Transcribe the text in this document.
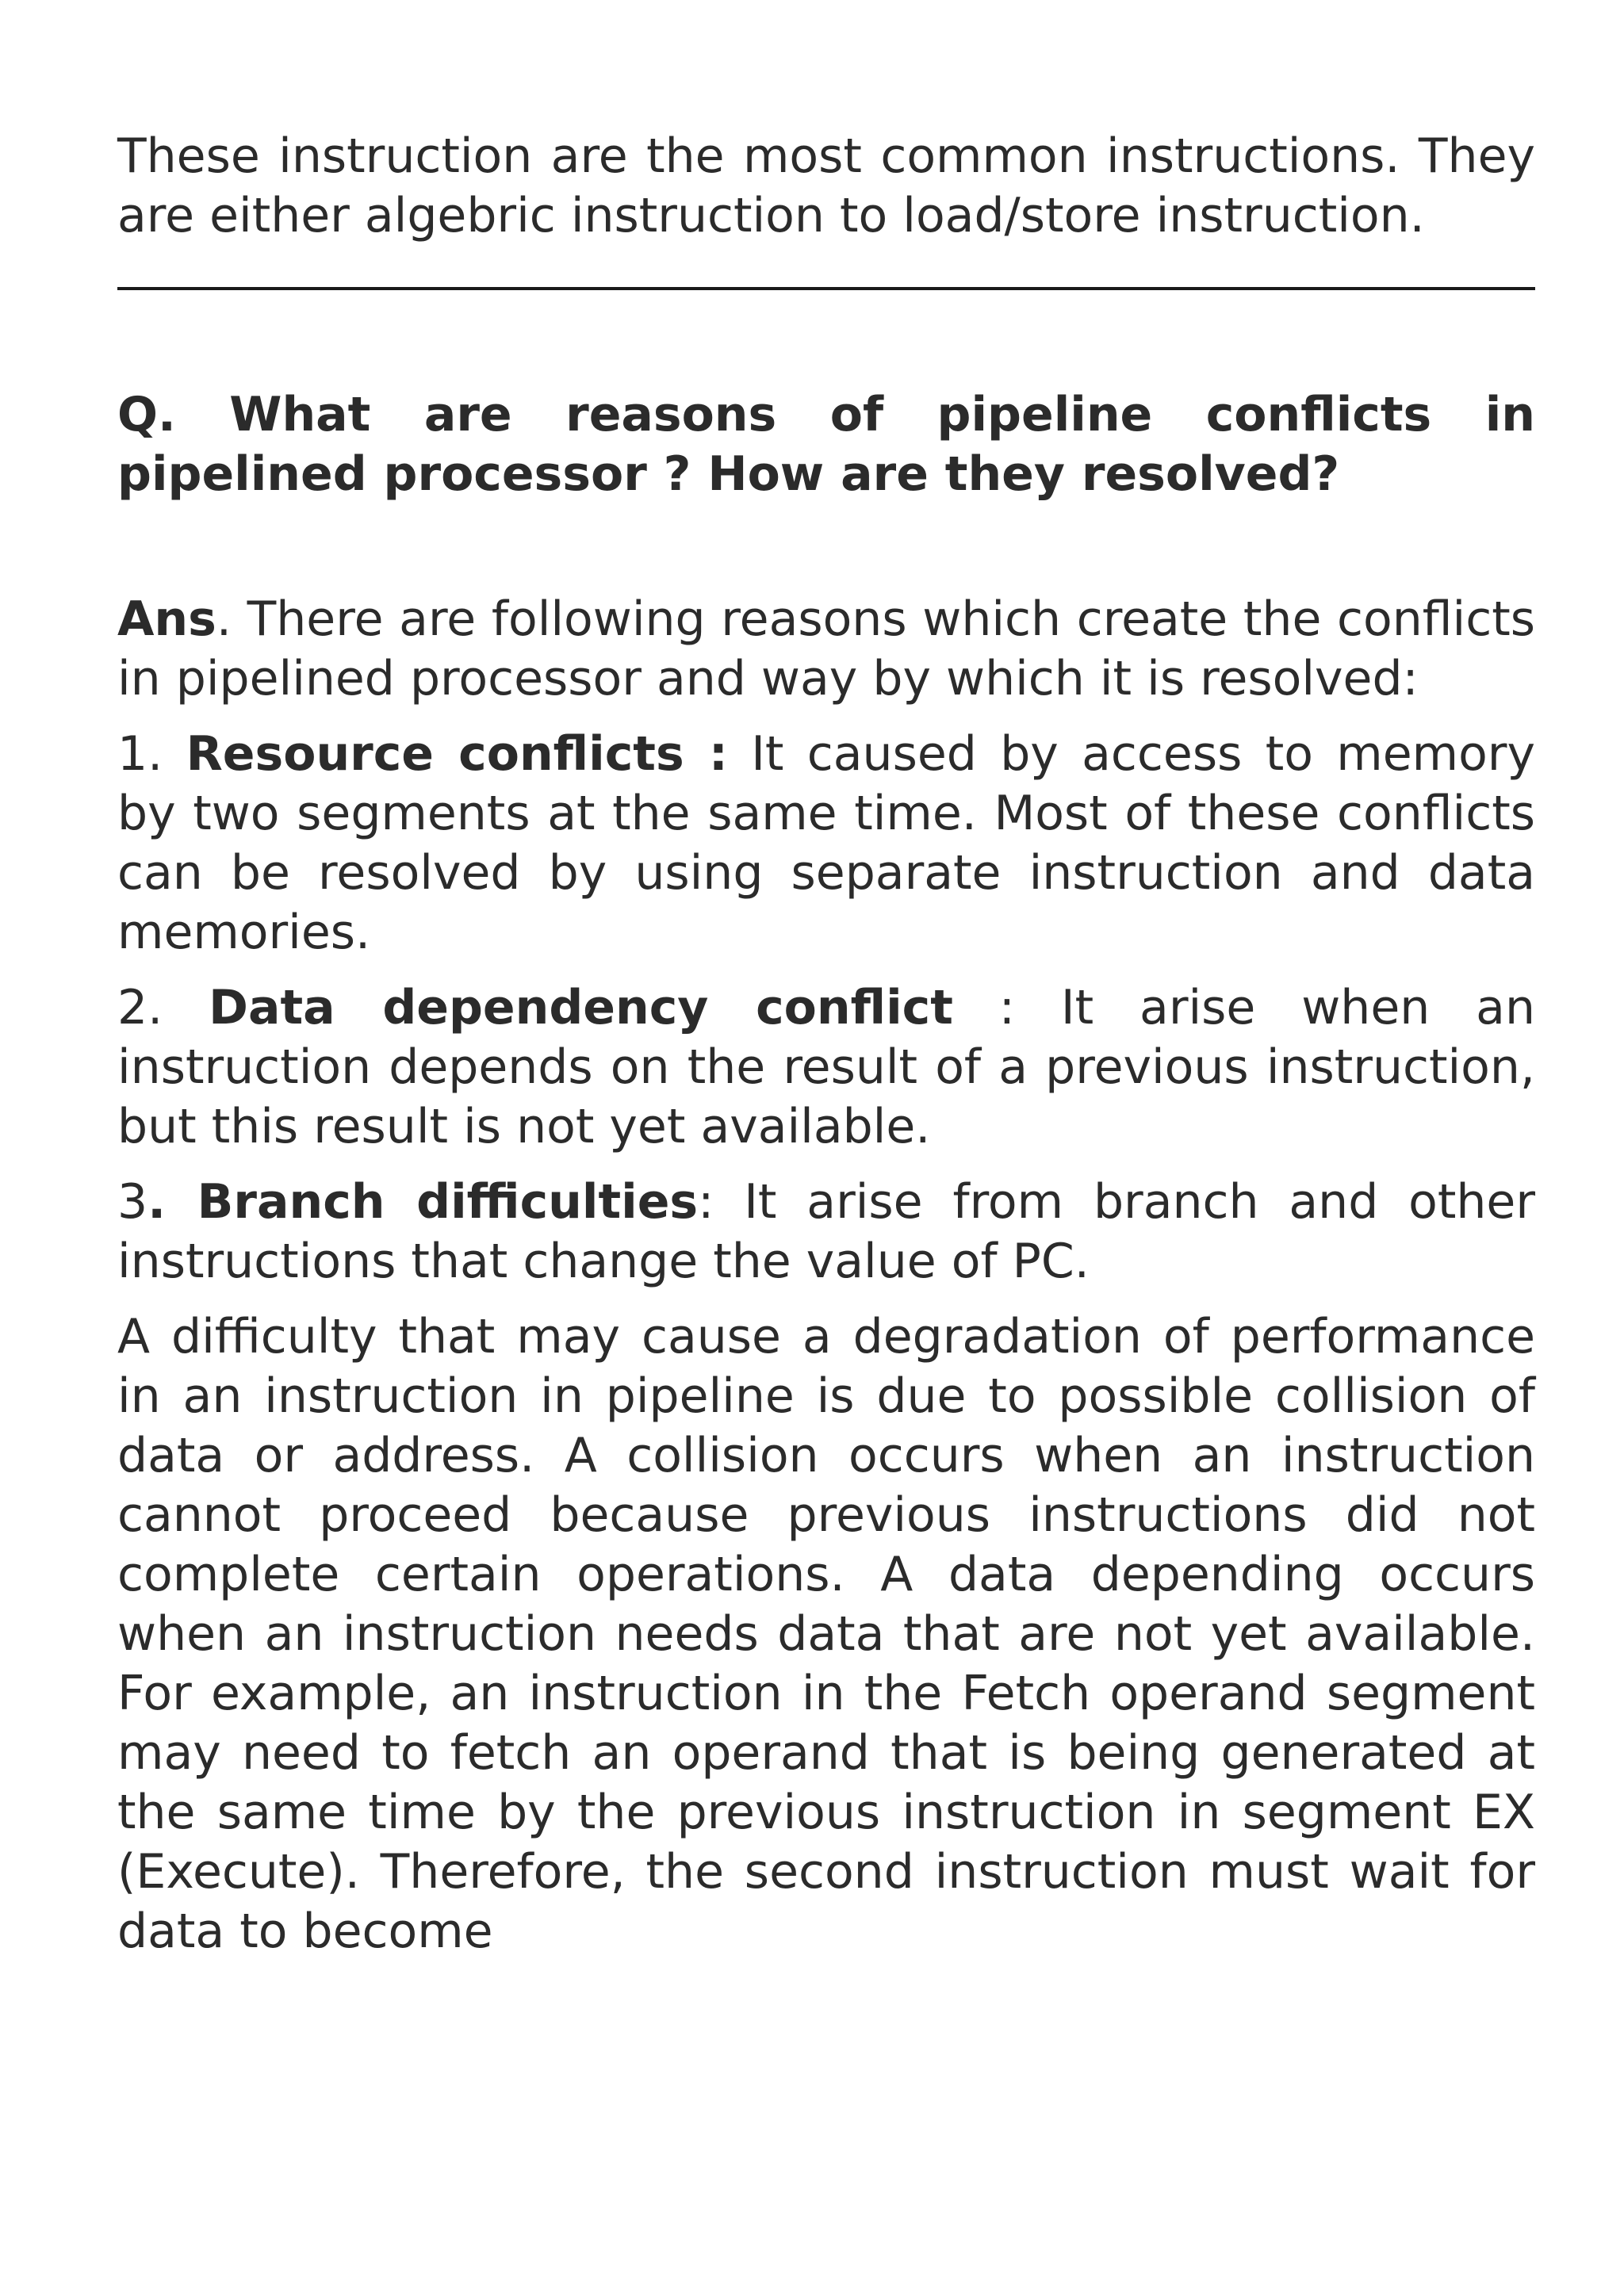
These instruction are the most common instructions. They are either algebric instruction to load/store instruction.

Q. What are reasons of pipeline conflicts in pipelined processor ? How are they resolved?

Ans. There are following reasons which create the conflicts in pipelined processor and way by which it is resolved:

1. Resource conflicts : It caused by access to memory by two segments at the same time. Most of these conflicts can be resolved by using separate instruction and data memories.

2. Data dependency conflict : It arise when an instruction depends on the result of a previous instruction, but this result is not yet available.

3. Branch difficulties: It arise from branch and other instructions that change the value of PC.

A difficulty that may cause a degradation of performance in an instruction in pipeline is due to possible collision of data or address. A collision occurs when an instruction cannot proceed because previous instructions did not complete certain operations. A data depending occurs when an instruction needs data that are not yet available. For example, an instruction in the Fetch operand segment may need to fetch an operand that is being generated at the same time by the previous instruction in segment EX (Execute). Therefore, the second instruction must wait for data to become
